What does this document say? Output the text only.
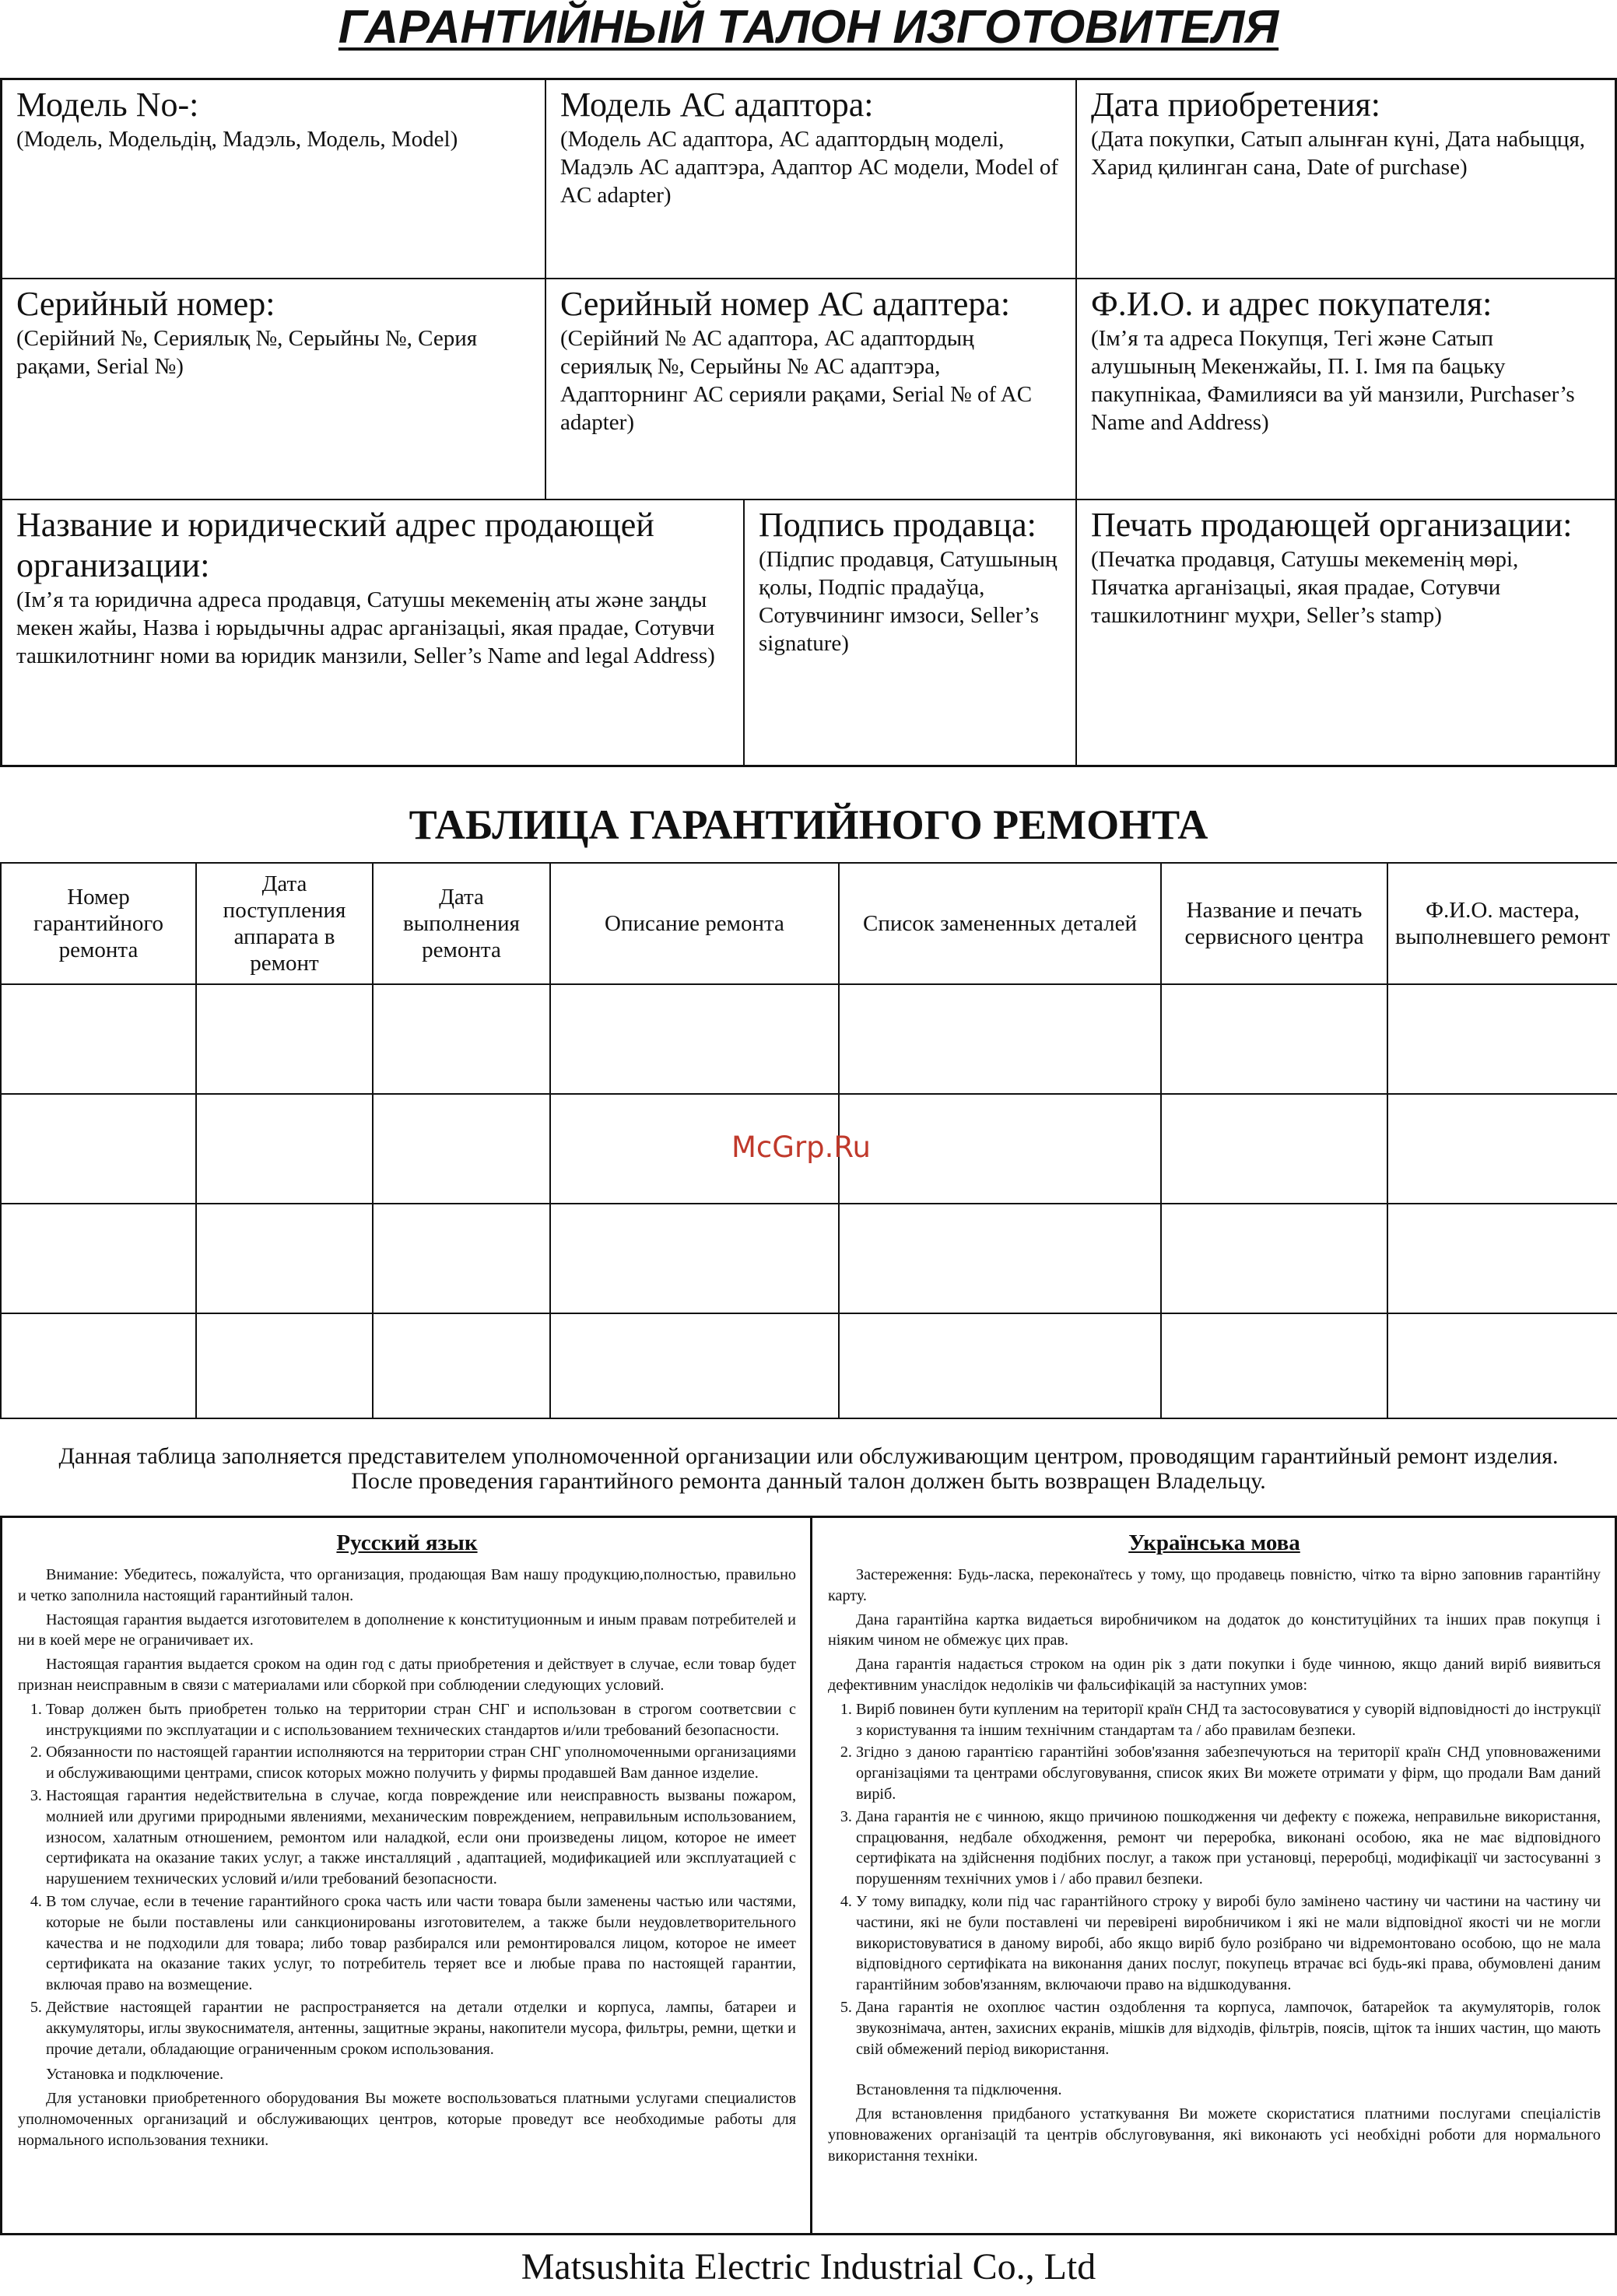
ГАРАНТИЙНЫЙ ТАЛОН ИЗГОТОВИТЕЛЯ
Модель No-:
(Модель, Модельдің, Мадэль, Модель, Model)
Модель АС адаптора:
(Модель АС адаптора, АС адаптордың моделі, Мадэль АС адаптэра, Адаптор АС модели, Model of AC adapter)
Дата приобретения:
(Дата покупки, Сатып алынған күні, Дата набыцця, Харид қилинган сана, Date of purchase)
Серийный номер:
(Серійний №, Сериялық №, Серыйны №, Серия рақами, Serial №)
Серийный номер АС адаптера:
(Серійний № АС адаптора, АС адаптордың сериялық №, Серыйны № АС адаптэра, Адапторнинг АС серияли рақами, Serial № of AC adapter)
Ф.И.О. и адрес покупателя:
(Ім’я та адреса Покупця, Тегі және Сатып алушының Мекенжайы, П. І. Імя па бацьку пакупнікаа, Фамилияси ва уй манзили, Purchaser’s Name and Address)
Название и юридический адрес продающей организации:
(Ім’я та юридична адреса продавця, Сатушы мекеменің аты және заңды мекен жайы, Назва і юрыдычны адрас арганізацыі, якая прадае, Сотувчи ташкилотнинг номи ва юридик манзили, Seller’s Name and legal Address)
Подпись продавца:
(Підпис продавця, Сатушының қолы, Подпіс прадаўца, Сотувчининг имзоси, Seller’s signature)
Печать продающей организации:
(Печатка продавця, Сатушы мекеменің мөрі, Пячатка арганізацыі, якая прадае, Сотувчи ташкилотнинг муҳри, Seller’s stamp)
ТАБЛИЦА ГАРАНТИЙНОГО РЕМОНТА
Номер гарантийного ремонта	Дата поступления аппарата в ремонт	Дата выполнения ремонта	Описание ремонта	Список замененных деталей	Название и печать сервисного центра	Ф.И.О. мастера, выполневшего ремонт

McGrp.Ru
Данная таблица заполняется представителем уполномоченной организации или обслуживающим центром, проводящим гарантийный ремонт изделия.
После проведения гарантийного ремонта данный талон должен быть возвращен Владельцу.
Русский язык

Внимание: Убедитесь, пожалуйста, что организация, продающая Вам нашу продукцию,полностью, правильно и четко заполнила настоящий гарантийный талон.

Настоящая гарантия выдается изготовителем в дополнение к конституционным и иным правам потребителей и ни в коей мере не ограничивает их.

Настоящая гарантия выдается сроком на один год с даты приобретения и действует в случае, если товар будет признан неисправным в связи с материалами или сборкой при соблюдении следующих условий.

1. Товар должен быть приобретен только на территории стран СНГ и использован в строгом соответсвии с инструкциями по эксплуатации и с использованием технических стандартов и/или требований безопасности.
2. Обязанности по настоящей гарантии исполняются на территории стран СНГ уполномоченными организациями и обслуживающими центрами, список которых можно получить у фирмы продавшей Вам данное изделие.
3. Настоящая гарантия недействительна в случае, когда повреждение или неисправность вызваны пожаром, молнией или другими природными явлениями, механическим повреждением, неправильным использованием, износом, халатным отношением, ремонтом или наладкой, если они произведены лицом, которое не имеет сертификата на оказание таких услуг, а также инсталляций , адаптацией, модификацией или эксплуатацией с нарушением технических условий и/или требований безопасности.
4. В том случае, если в течение гарантийного срока часть или части товара были заменены частью или частями, которые не были поставлены или санкционированы изготовителем, а также были неудовлетворительного качества и не подходили для товара; либо товар разбирался или ремонтировался лицом, которое не имеет сертификата на оказание таких услуг, то потребитель теряет все и любые права по настоящей гарантии, включая право на возмещение.
5. Действие настоящей гарантии не распространяется на детали отделки и корпуса, лампы, батареи и аккумуляторы, иглы звукоснимателя, антенны, защитные экраны, накопители мусора, фильтры, ремни, щетки и прочие детали, обладающие ограниченным сроком использования.

Установка и подключение.

Для установки приобретенного оборудования Вы можете воспользоваться платными услугами специалистов уполномоченных организаций и обслуживающих центров, которые проведут все необходимые работы для нормального использования техники.

Українська мова

Застереження: Будь-ласка, переконаїтесь у тому, що продавець повністю, чітко та вірно заповнив гарантійну карту.

Дана гарантійна картка видаеться виробничиком на додаток до конституційних та інших прав покупця і ніяким чином не обмежує цих прав.

Дана гарантія надається строком на один рік з дати покупки і буде чинною, якщо даний виріб виявиться дефективним унаслідок недоліків чи фальсифікацій за наступних умов:

1. Виріб повинен бути купленим на території країн СНД та застосовуватися у суворій відповідності до інструкції з користування та іншим технічним стандартам та / або правилам безпеки.
2. Згідно з даною гарантією гарантійні зобов'язання забезпечуються на території країн СНД уповноваженими організаціями та центрами обслуговування, список яких Ви можете отримати у фірм, що продали Вам даний виріб.
3. Дана гарантія не є чинною, якщо причиною пошкодження чи дефекту є пожежа, неправильне використання, спрацювання, недбале обходження, ремонт чи переробка, виконані особою, яка не має відповідного сертифіката на здійснення подібних послуг, а також при установці, переробці, модифікації чи застосуванні з порушенням технічних умов і / або правил безпеки.
4. У тому випадку, коли під час гарантійного строку у виробі було замінено частину чи частини на частину чи частини, які не були поставлені чи перевірені виробничиком і які не мали відповідної якості чи не могли використовуватися в даному виробі, або якщо виріб було розібрано чи відремонтовано особою, що не мала відповідного сертифіката на виконання даних послуг, покупець втрачає всі будь-які права, обумовлені даним гарантійним зобов'язанням, включаючи право на відшкодування.
5. Дана гарантія не охоплює частин оздоблення та корпуса, лампочок, батарейок та акумуляторів, голок звукознімача, антен, захисних екранів, мішків для відходів, фільтрів, поясів, щіток та інших частин, що мають свій обмежений період використання.

Встановлення та підключення.

Для встановлення придбаного устаткування Ви можете скористатися платними послугами спеціалістів уповноважених організацій та центрів обслуговування, які виконають усі необхідні роботи для нормального використання техніки.

Matsushita Electric Industrial Co., Ltd
